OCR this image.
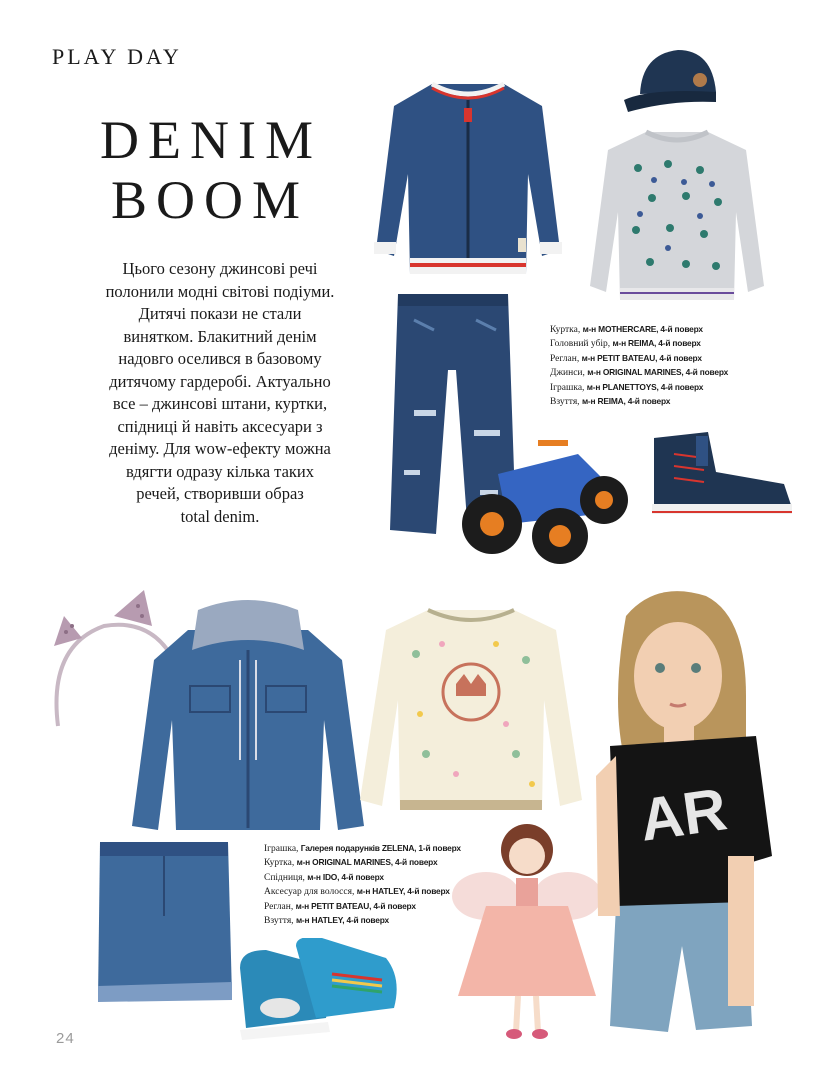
PLAY DAY
DENIM
BOOM
Цього сезону джинсові речі
полонили модні світові подіуми.
Дитячі покази не стали
винятком. Блакитний денім
надовго оселився в базовому
дитячому гардеробі. Актуально
все – джинсові штани, куртки,
спідниці й навіть аксесуари з
деніму. Для wow-ефекту можна
вдягти одразу кілька таких
речей, створивши образ
total denim.
Куртка, м-н MOTHERCARE, 4-й поверх
Головний убір, м-н REIMA, 4-й поверх
Реглан, м-н PETIT BATEAU, 4-й поверх
Джинси, м-н ORIGINAL MARINES, 4-й поверх
Іграшка, м-н PLANETTOYS, 4-й поверх
Взуття, м-н REIMA, 4-й поверх
Іграшка, Галерея подарунків ZELENA, 1-й поверх
Куртка, м-н ORIGINAL MARINES, 4-й поверх
Спідниця, м-н IDO, 4-й поверх
Аксесуар для волосся, м-н HATLEY, 4-й поверх
Реглан, м-н PETIT BATEAU, 4-й поверх
Взуття, м-н HATLEY, 4-й поверх
24
AR
